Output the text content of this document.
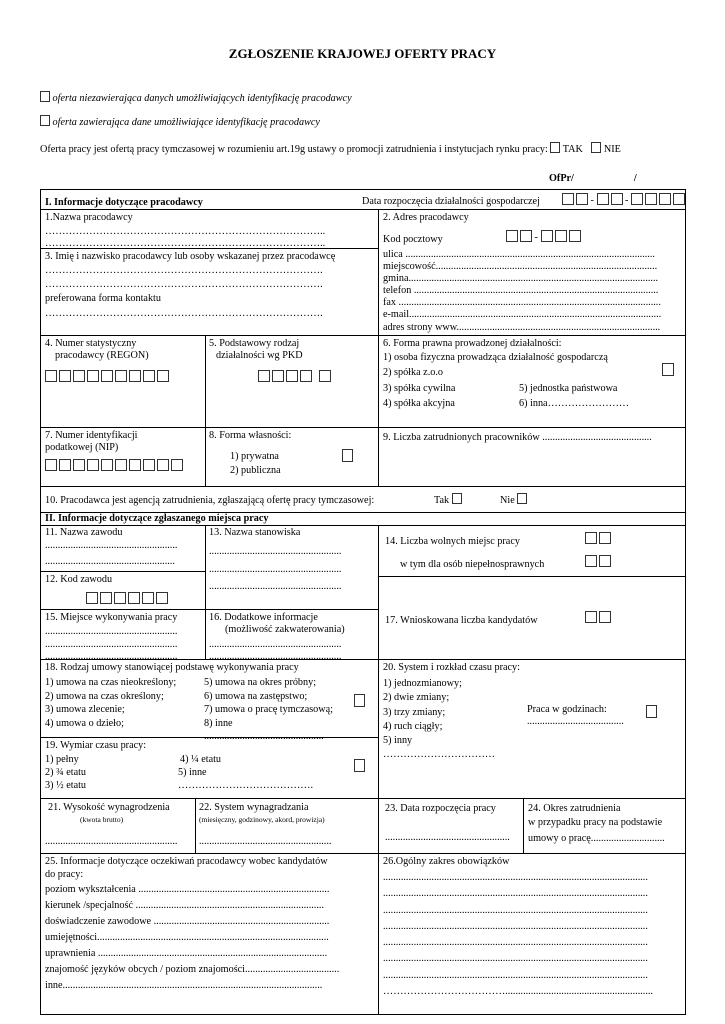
ZGŁOSZENIE KRAJOWEJ OFERTY PRACY
oferta niezawierająca danych umożliwiających identyfikację pracodawcy
oferta zawierająca dane umożliwiające identyfikację pracodawcy
Oferta pracy jest ofertą pracy tymczasowej w rozumieniu art.19g ustawy o promocji zatrudnienia i instytucjach rynku pracy: TAK NIE
OfPr/	/
I. Informacje dotyczące pracodawcy	Data rozpoczęcia działalności gospodarczej	-	-
1.Nazwa pracodawcy
………………………………………………………………………..
………………………………………………………………………..
3. Imię i nazwisko pracodawcy lub osoby wskazanej przez pracodawcę
……………………………………………………………………….
……………………………………………………………………….
preferowana forma kontaktu
……………………………………………………………………….
2. Adres pracodawcy
Kod pocztowy	-
ulica ..................................................................................................
miejscowość.......................................................................................
gmina..................................................................................................
telefon ................................................................................................
fax .......................................................................................................
e-mail...................................................................................................
adres strony www................................................................................
4. Numer statystyczny
pracodawcy (REGON)
5. Podstawowy rodzaj
działalności wg PKD

6. Forma prawna prowadzonej działalności:
1) osoba fizyczna prowadząca działalność gospodarczą
2) spółka z.o.o
3) spółka cywilna
4) spółka akcyjna
5) jednostka państwowa
6) inna……………………
7. Numer identyfikacji
podatkowej (NIP)
8. Forma własności:
1) prywatna
2) publiczna
9. Liczba zatrudnionych pracowników ...........................................
10. Pracodawca jest agencją zatrudnienia, zgłaszającą ofertę pracy tymczasowej:	Tak	Nie
II. Informacje dotyczące zgłaszanego miejsca pracy
11. Nazwa zawodu
....................................................
...................................................
12. Kod zawodu
13. Nazwa stanowiska
....................................................
....................................................
....................................................
14. Liczba wolnych miejsc pracy
w tym dla osób niepełnosprawnych
15. Miejsce wykonywania pracy
....................................................
....................................................
....................................................
16. Dodatkowe informacje
(możliwość zakwaterowania)
....................................................
....................................................
17. Wnioskowana liczba kandydatów
18. Rodzaj umowy stanowiącej podstawę wykonywania pracy
1) umowa na czas nieokreślony;
2) umowa na czas określony;
3) umowa zlecenie;
4) umowa o dzieło;
5) umowa na okres próbny;
6) umowa na zastępstwo;
7) umowa o pracę tymczasową;
8) inne
...............................................
19. Wymiar czasu pracy:
1) pełny
2) ¾ etatu
3) ½ etatu
4) ¼ etatu
5) inne
………………………………….
20. System i rozkład czasu pracy:
1) jednozmianowy;
2) dwie zmiany;
3) trzy zmiany;
4) ruch ciągły;
5) inny
……………………………
Praca w godzinach:
......................................
21. Wysokość wynagrodzenia
(kwota brutto)
....................................................
22. System wynagradzania
(miesięczny, godzinowy, akord, prowizja)
....................................................
23. Data rozpoczęcia pracy
.................................................
24. Okres zatrudnienia
w przypadku pracy na podstawie
umowy o pracę.............................
25. Informacje dotyczące oczekiwań pracodawcy wobec kandydatów
do pracy:
poziom wykształcenia ...........................................................................
kierunek /specjalność ..........................................................................
doświadczenie zawodowe .....................................................................
umiejętności...........................................................................................
uprawnienia ..........................................................................................
znajomość języków obcych / poziom znajomości.....................................
inne......................................................................................................
26.Ogólny zakres obowiązków
........................................................................................................
........................................................................................................
........................................................................................................
........................................................................................................
........................................................................................................
........................................................................................................
........................................................................................................
………………………………..........................................................
